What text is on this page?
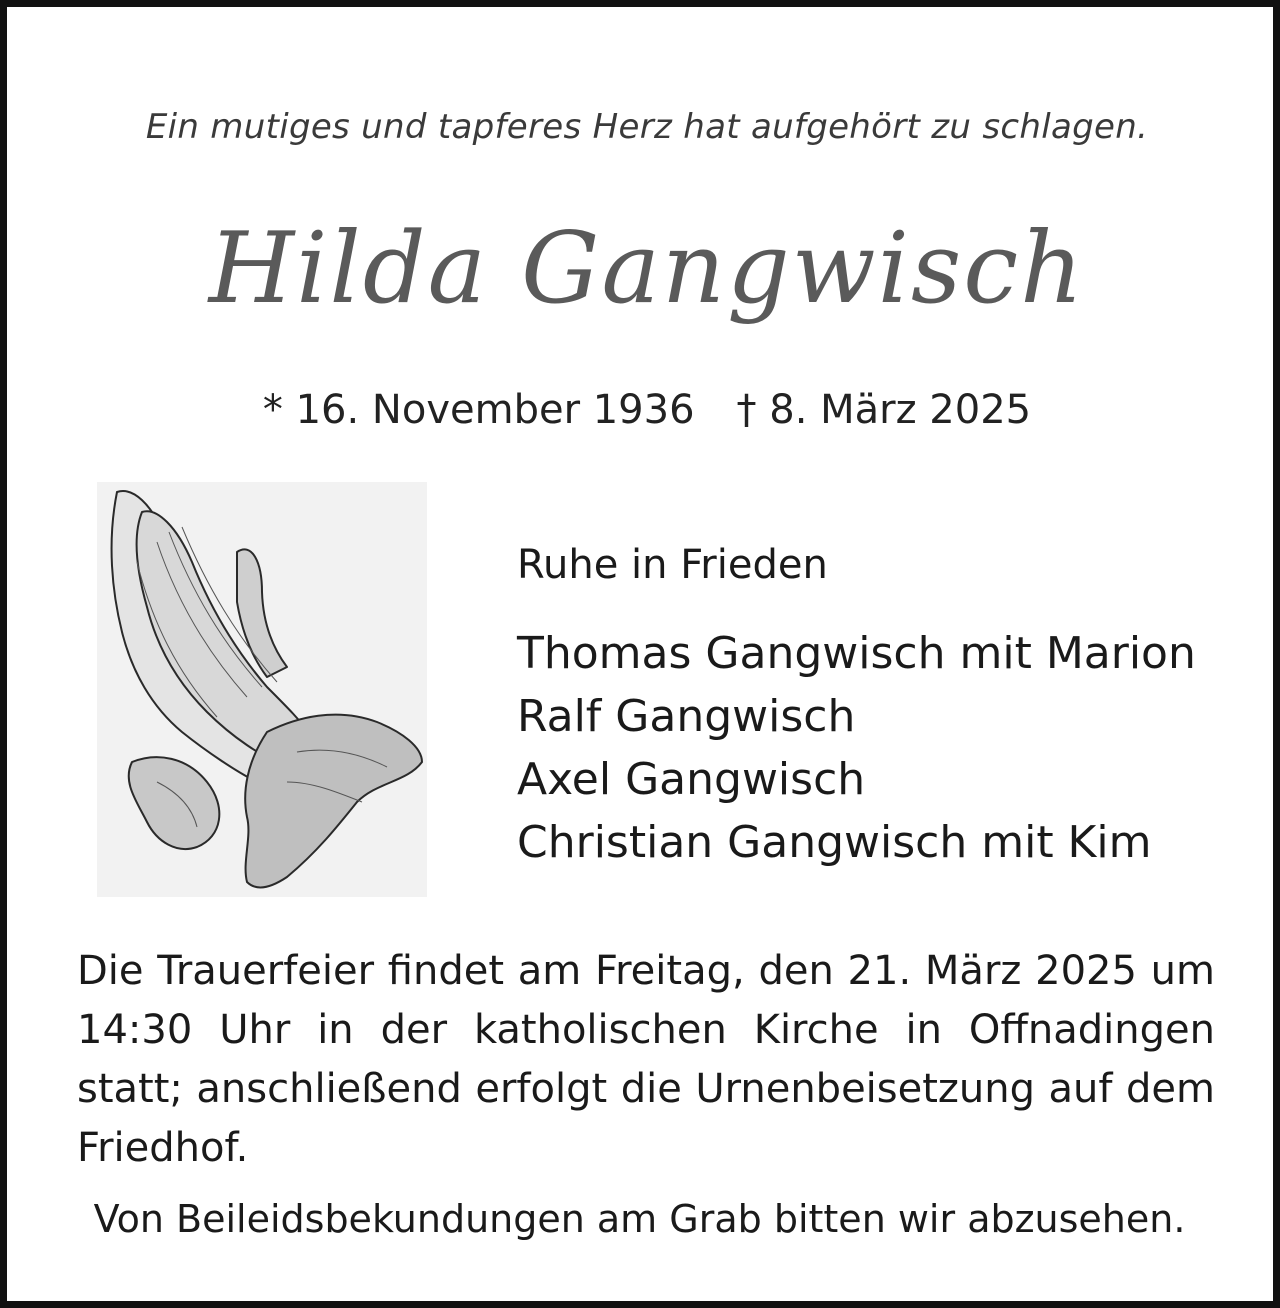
Ein mutiges und tapferes Herz hat aufgehört zu schlagen.
Hilda Gangwisch
* 16. November 1936 † 8. März 2025
Ruhe in Frieden
Thomas Gangwisch mit Marion
Ralf Gangwisch
Axel Gangwisch
Christian Gangwisch mit Kim
Die Trauerfeier findet am Freitag, den 21. März 2025 um 14:30 Uhr in der katholischen Kirche in Offnadingen statt; anschließend erfolgt die Urnenbeisetzung auf dem Friedhof.
Von Beileidsbekundungen am Grab bitten wir abzusehen.
